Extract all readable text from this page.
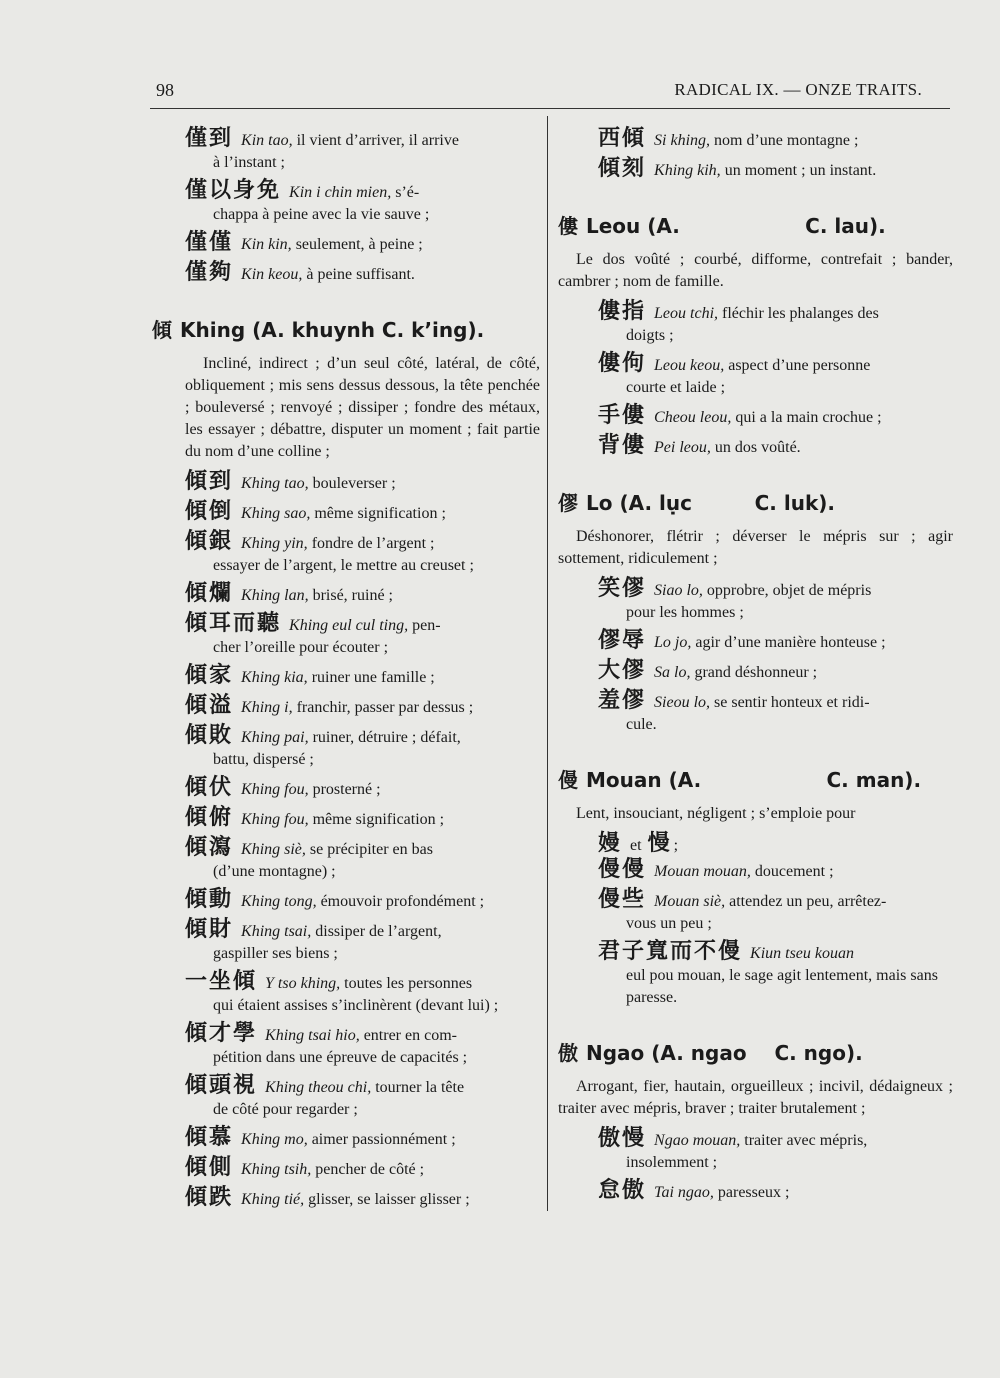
98	RADICAL IX. — ONZE TRAITS.
僅到 Kin tao, il vient d’arriver, il arrive
à l’instant ;
僅以身免 Kin i chin mien, s’é-
chappa à peine avec la vie sauve ;
僅僅 Kin kin, seulement, à peine ;
僅夠 Kin keou, à peine suffisant.
傾 Khing (A. khuynh C. k’ing).
Incliné, indirect ; d’un seul côté, latéral, de côté, obliquement ; mis sens dessus dessous, la tête penchée ; bouleversé ; renvoyé ; dissiper ; fondre des métaux, les essayer ; débattre, disputer un moment ; fait partie du nom d’une colline ;
傾到 Khing tao, bouleverser ;
傾倒 Khing sao, même signification ;
傾銀 Khing yin, fondre de l’argent ;
essayer de l’argent, le mettre au creuset ;
傾爛 Khing lan, brisé, ruiné ;
傾耳而聽 Khing eul cul ting, pen-
cher l’oreille pour écouter ;
傾家 Khing kia, ruiner une famille ;
傾溢 Khing i, franchir, passer par dessus ;
傾敗 Khing pai, ruiner, détruire ; défait,
battu, dispersé ;
傾伏 Khing fou, prosterné ;
傾俯 Khing fou, même signification ;
傾瀉 Khing siè, se précipiter en bas
(d’une montagne) ;
傾動 Khing tong, émouvoir profondément ;
傾財 Khing tsai, dissiper de l’argent,
gaspiller ses biens ;
一坐傾 Y tso khing, toutes les personnes
qui étaient assises s’inclinèrent (devant lui) ;
傾才學 Khing tsai hio, entrer en com-
pétition dans une épreuve de capacités ;
傾頭視 Khing theou chi, tourner la tête
de côté pour regarder ;
傾慕 Khing mo, aimer passionnément ;
傾側 Khing tsih, pencher de côté ;
傾跌 Khing tié, glisser, se laisser glisser ;
西傾 Si khing, nom d’une montagne ;
傾刻 Khing kih, un moment ; un instant.
僂 Leou (A.                  C. lau).
Le dos voûté ; courbé, difforme, contrefait ; bander, cambrer ; nom de famille.
僂指 Leou tchi, fléchir les phalanges des
doigts ;
僂佝 Leou keou, aspect d’une personne
courte et laide ;
手僂 Cheou leou, qui a la main crochue ;
背僂 Pei leou, un dos voûté.
僇 Lo (A. lục         C. luk).
Déshonorer, flétrir ; déverser le mépris sur ; agir sottement, ridiculement ;
笑僇 Siao lo, opprobre, objet de mépris
pour les hommes ;
僇辱 Lo jo, agir d’une manière honteuse ;
大僇 Sa lo, grand déshonneur ;
羞僇 Sieou lo, se sentir honteux et ridi-
cule.
僈 Mouan (A.                  C. man).
Lent, insouciant, négligent ; s’emploie pour
嫚 et 慢 ;
僈僈 Mouan mouan, doucement ;
僈些 Mouan siè, attendez un peu, arrêtez-
vous un peu ;
君子寬而不僈 Kiun tseu kouan
eul pou mouan, le sage agit lentement, mais sans paresse.
傲 Ngao (A. ngao    C. ngo).
Arrogant, fier, hautain, orgueilleux ; incivil, dédaigneux ; traiter avec mépris, braver ; traiter brutalement ;
傲慢 Ngao mouan, traiter avec mépris,
insolemment ;
怠傲 Tai ngao, paresseux ;
